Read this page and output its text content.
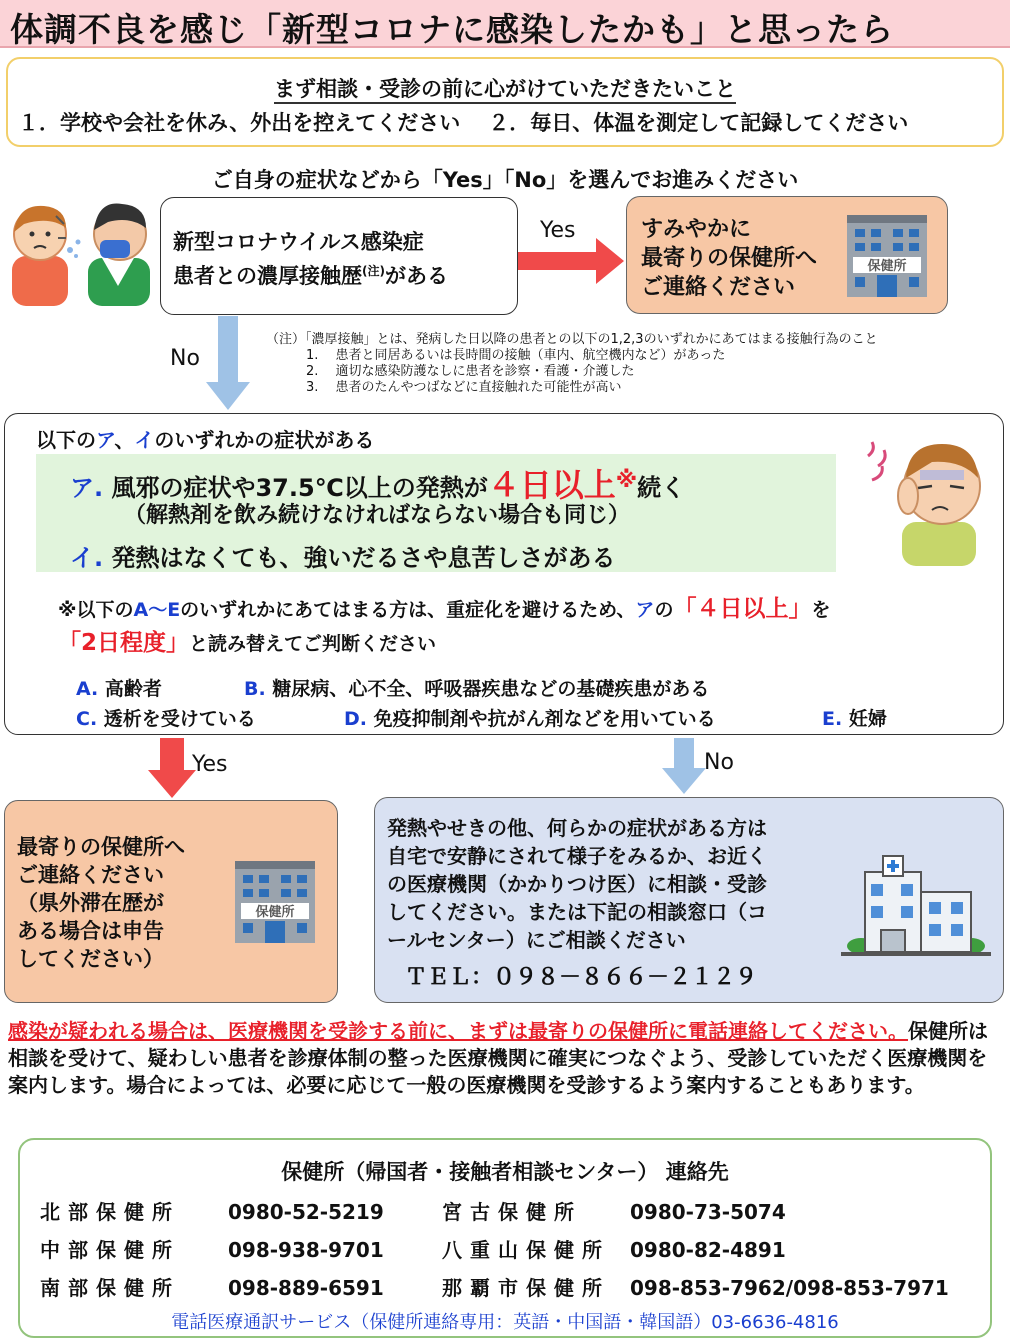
体調不良を感じ「新型コロナに感染したかも」と思ったら
まず相談・受診の前に心がけていただきたいこと
１．学校や会社を休み、外出を控えてください ２．毎日、体温を測定して記録してください
ご自身の症状などから「Yes」「No」を選んでお進みください
新型コロナウイルス感染症
患者との濃厚接触歴$^{(注)}$がある
Yes	すみやかに
最寄りの保健所へ
ご連絡ください
保健所
No
（注）「濃厚接触」とは、発病した日以降の患者との以下の1,2,3のいずれかにあてはまる接触行為のこと
1.　 患者と同居あるいは長時間の接触（車内、航空機内など）があった
2.　 適切な感染防護なしに患者を診察・看護・介護した
3.　 患者のたんやつばなどに直接触れた可能性が高い
以下のア、イのいずれかの症状がある
ア. 風邪の症状や37.5℃以上の発熱が４日以上※続く
（解熱剤を飲み続けなければならない場合も同じ）
イ. 発熱はなくても、強いだるさや息苦しさがある
※以下のA～Eのいずれかにあてはまる方は、重症化を避けるため、アの「４日以上」を
「2日程度」と読み替えてご判断ください
A. 高齢者	B. 糖尿病、心不全、呼吸器疾患などの基礎疾患がある
C. 透析を受けている	D. 免疫抑制剤や抗がん剤などを用いている	E. 妊婦
Yes	No
最寄りの保健所へ
ご連絡ください
（県外滞在歴が
ある場合は申告
してください）
保健所
発熱やせきの他、何らかの症状がある方は
自宅で安静にされて様子をみるか、お近く
の医療機関（かかりつけ医）に相談・受診
してください。または下記の相談窓口（コ
ールセンター）にご相談ください
ＴＥＬ：０９８－８６６－２１２９
感染が疑われる場合は、医療機関を受診する前に、まずは最寄りの保健所に電話連絡してください。保健所は相談を受けて、疑わしい患者を診療体制の整った医療機関に確実につなぐよう、受診していただく医療機関を案内します。場合によっては、必要に応じて一般の医療機関を受診するよう案内することもあります。
保健所（帰国者・接触者相談センター） 連絡先
北部保健所 0980-52-5219	宮古保健所 0980-73-5074
中部保健所 098-938-9701	八重山保健所 0980-82-4891
南部保健所 098-889-6591	那覇市保健所 098-853-7962/098-853-7971
電話医療通訳サービス（保健所連絡専用：英語・中国語・韓国語）03-6636-4816
